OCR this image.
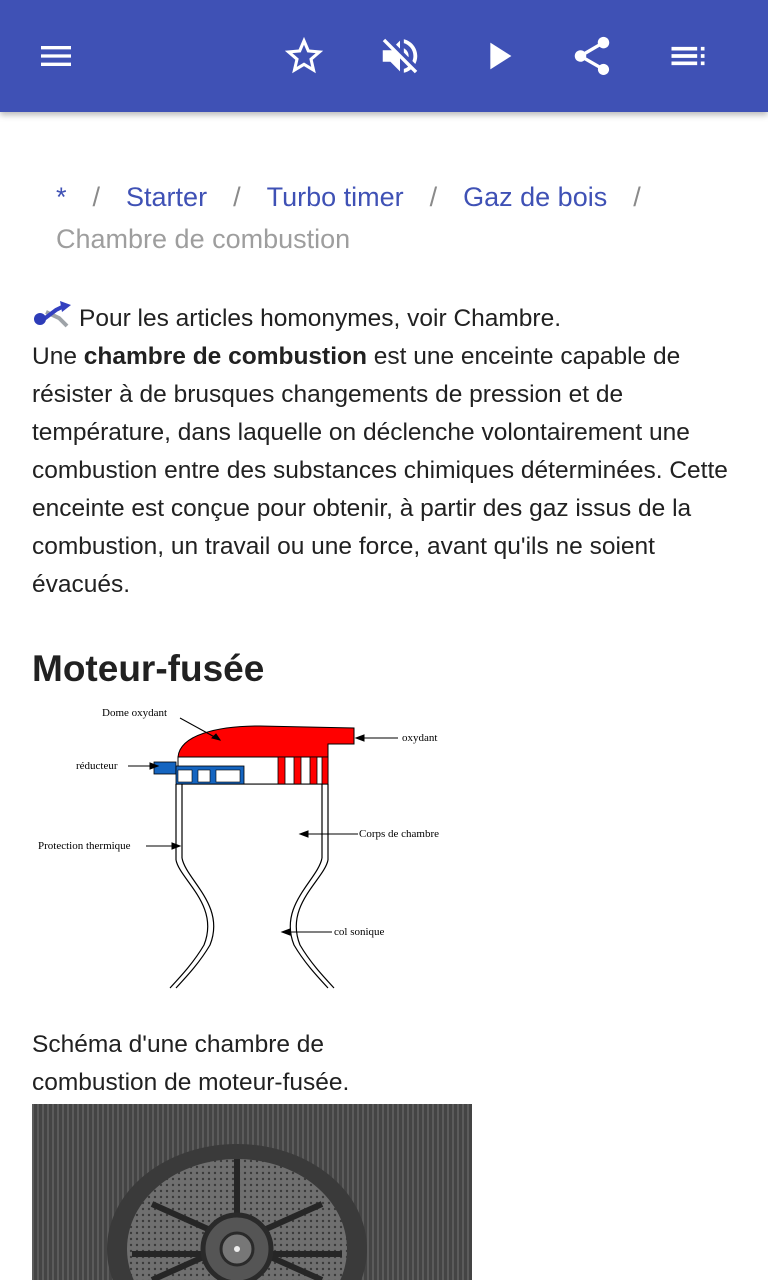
* / Starter / Turbo timer / Gaz de bois /
Chambre de combustion
Pour les articles homonymes, voir Chambre.

Une chambre de combustion est une enceinte capable de résister à de brusques changements de pression et de température, dans laquelle on déclenche volontairement une combustion entre des substances chimiques déterminées. Cette enceinte est conçue pour obtenir, à partir des gaz issus de la combustion, un travail ou une force, avant qu'ils ne soient évacués.

Moteur-fusée
Dome oxydant
oxydant
réducteur
Corps de chambre
Protection thermique
col sonique
Schéma d'une chambre de combustion de moteur-fusée.
